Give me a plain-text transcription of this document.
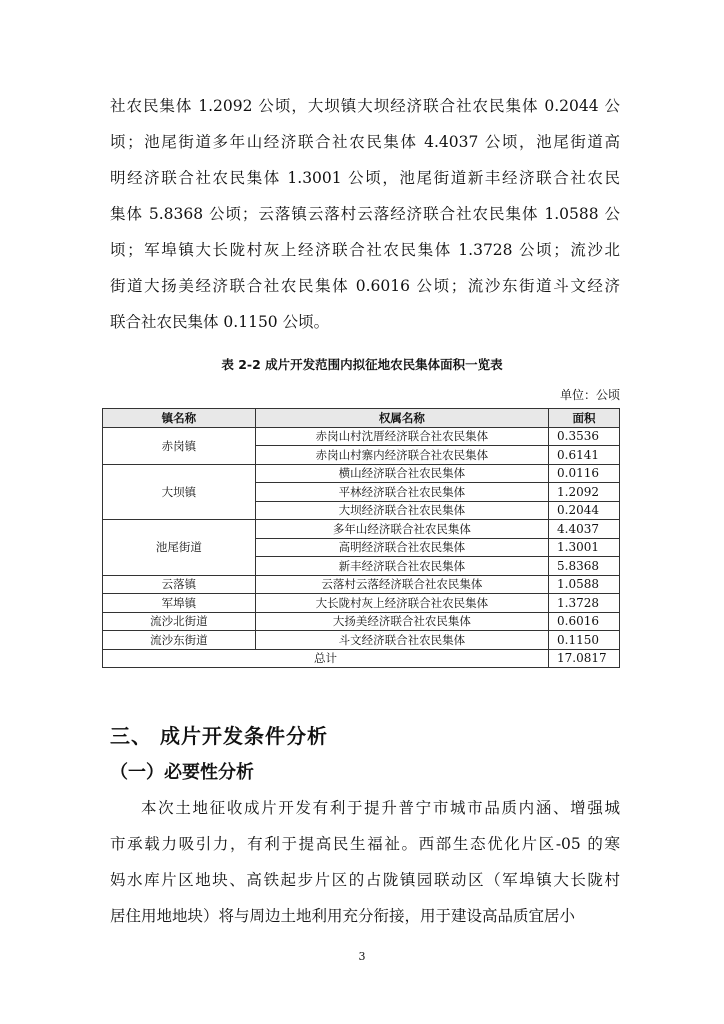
社农民集体 1.2092 公顷，大坝镇大坝经济联合社农民集体 0.2044 公
顷；池尾街道多年山经济联合社农民集体 4.4037 公顷，池尾街道高
明经济联合社农民集体 1.3001 公顷，池尾街道新丰经济联合社农民
集体 5.8368 公顷；云落镇云落村云落经济联合社农民集体 1.0588 公
顷；军埠镇大长陇村灰上经济联合社农民集体 1.3728 公顷；流沙北
街道大扬美经济联合社农民集体 0.6016 公顷；流沙东街道斗文经济
联合社农民集体 0.1150 公顷。
表 2-2 成片开发范围内拟征地农民集体面积一览表
单位：公顷
镇名称	权属名称	面积
赤岗镇	赤岗山村沈厝经济联合社农民集体	0.3536
	赤岗山村寨内经济联合社农民集体	0.6141
大坝镇	横山经济联合社农民集体	0.0116
	平林经济联合社农民集体	1.2092
	大坝经济联合社农民集体	0.2044
池尾街道	多年山经济联合社农民集体	4.4037
	高明经济联合社农民集体	1.3001
	新丰经济联合社农民集体	5.8368
云落镇	云落村云落经济联合社农民集体	1.0588
军埠镇	大长陇村灰上经济联合社农民集体	1.3728
流沙北街道	大扬美经济联合社农民集体	0.6016
流沙东街道	斗文经济联合社农民集体	0.1150
总计		17.0817
三、 成片开发条件分析
（一）必要性分析
本次土地征收成片开发有利于提升普宁市城市品质内涵、增强城
市承载力吸引力，有利于提高民生福祉。西部生态优化片区-05 的寒
妈水库片区地块、高铁起步片区的占陇镇园联动区（军埠镇大长陇村
居住用地地块）将与周边土地利用充分衔接，用于建设高品质宜居小
3
